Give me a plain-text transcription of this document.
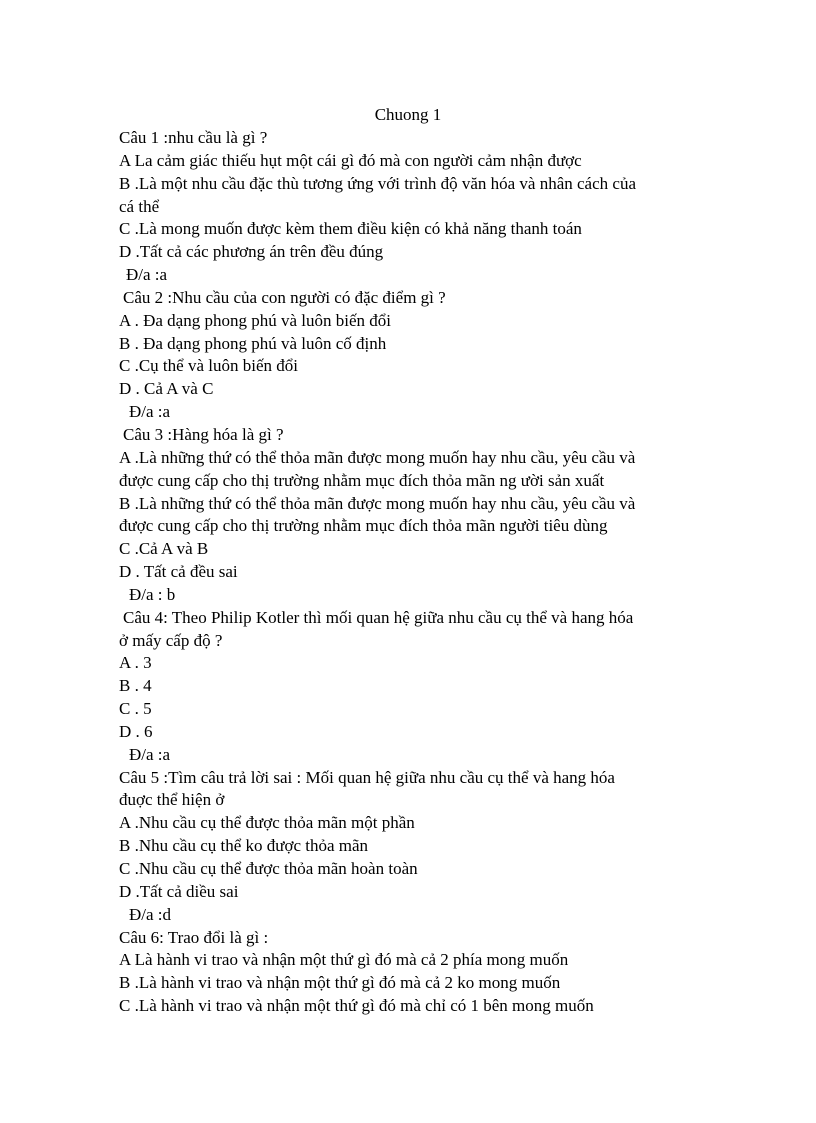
Chuong 1
Câu 1 :nhu cầu là gì ?
A La cảm giác thiếu hụt một cái gì đó mà con người cảm nhận được
B .Là một nhu cầu đặc thù tương ứng với trình độ văn hóa và nhân cách của
cá thể
C .Là mong muốn được kèm them điều kiện có khả năng thanh toán
D .Tất cả các phương án trên đều đúng
Đ/a :a
Câu 2 :Nhu cầu của con người có đặc điểm gì ?
A . Đa dạng phong phú và luôn biến đổi
B . Đa dạng phong phú và luôn cố định
C .Cụ thể và luôn biến đổi
D . Cả A và C
Đ/a :a
Câu 3 :Hàng hóa là gì ?
A .Là những thứ có thể thỏa mãn được mong muốn hay nhu cầu, yêu cầu và
được cung cấp cho thị trường nhằm mục đích thỏa mãn ng ười sản xuất
B .Là những thứ có thể thỏa mãn được mong muốn hay nhu cầu, yêu cầu và
được cung cấp cho thị trường nhằm mục đích thỏa mãn người tiêu dùng
C .Cả A và B
D . Tất cả đều sai
Đ/a : b
Câu 4: Theo Philip Kotler thì mối quan hệ giữa nhu cầu cụ thể và hang hóa
ở mấy cấp độ ?
A . 3
B . 4
C . 5
D . 6
Đ/a :a
Câu 5 :Tìm câu trả lời sai : Mối quan hệ giữa nhu cầu cụ thể và hang hóa
đuợc thể hiện ở
A .Nhu cầu cụ thể được thỏa mãn một phần
B .Nhu cầu cụ thể ko được thỏa mãn
C .Nhu cầu cụ thể được thỏa mãn hoàn toàn
D .Tất cả diều sai
Đ/a :d
Câu 6: Trao đổi là gì :
A Là hành vi trao và nhận một thứ gì đó mà cả 2 phía mong muốn
B .Là hành vi trao và nhận một thứ gì đó mà cả 2 ko mong muốn
C .Là hành vi trao và nhận một thứ gì đó mà chỉ có 1 bên mong muốn
